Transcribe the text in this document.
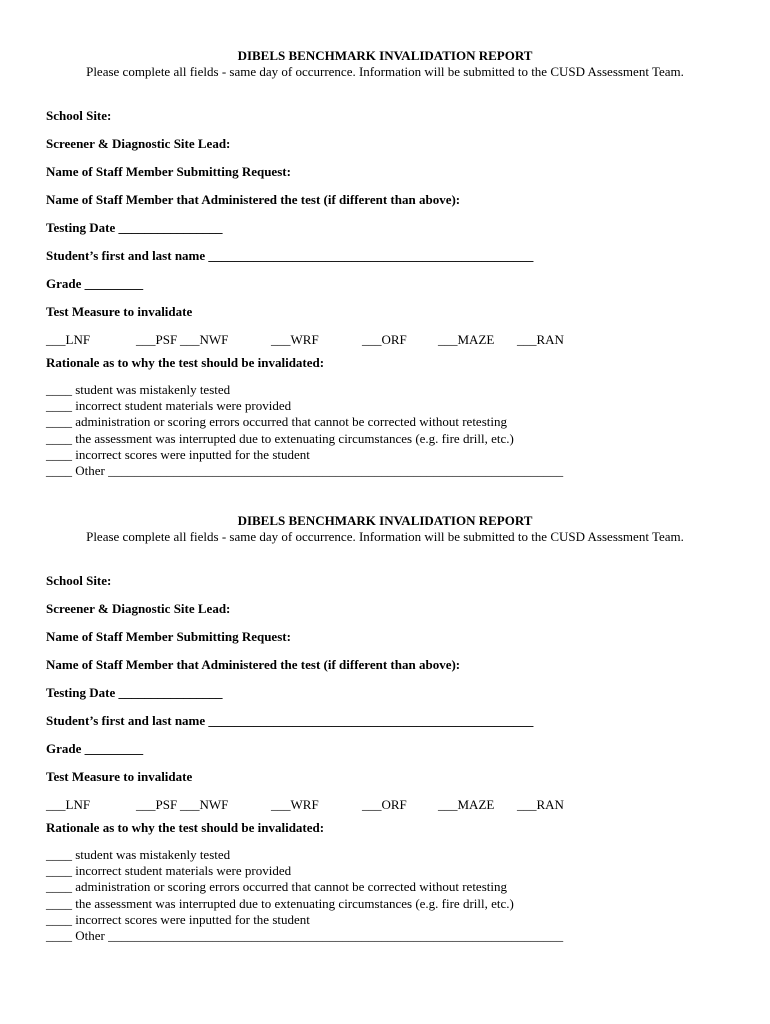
DIBELS BENCHMARK INVALIDATION REPORT
Please complete all fields - same day of occurrence. Information will be submitted to the CUSD Assessment Team.
School Site:
Screener & Diagnostic Site Lead:
Name of Staff Member Submitting Request:
Name of Staff Member that Administered the test (if different than above):
Testing Date ________________
Student’s first and last name __________________________________________________
Grade _________
Test Measure to invalidate

___LNF

	___PSF

___NWF

	___WRF

	___ORF

___MAZE

___RAN

Rationale as to why the test should be invalidated:
____ student was mistakenly tested
____ incorrect student materials were provided
____ administration or scoring errors occurred that cannot be corrected without retesting
____ the assessment was interrupted due to extenuating circumstances (e.g. fire drill, etc.)
____ incorrect scores were inputted for the student
____ Other ______________________________________________________________________
DIBELS BENCHMARK INVALIDATION REPORT
Please complete all fields - same day of occurrence. Information will be submitted to the CUSD Assessment Team.
School Site:
Screener & Diagnostic Site Lead:
Name of Staff Member Submitting Request:
Name of Staff Member that Administered the test (if different than above):
Testing Date ________________
Student’s first and last name __________________________________________________
Grade _________
Test Measure to invalidate

___LNF

	___PSF

___NWF

	___WRF

	___ORF

___MAZE

___RAN

Rationale as to why the test should be invalidated:
____ student was mistakenly tested
____ incorrect student materials were provided
____ administration or scoring errors occurred that cannot be corrected without retesting
____ the assessment was interrupted due to extenuating circumstances (e.g. fire drill, etc.)
____ incorrect scores were inputted for the student
____ Other ______________________________________________________________________
